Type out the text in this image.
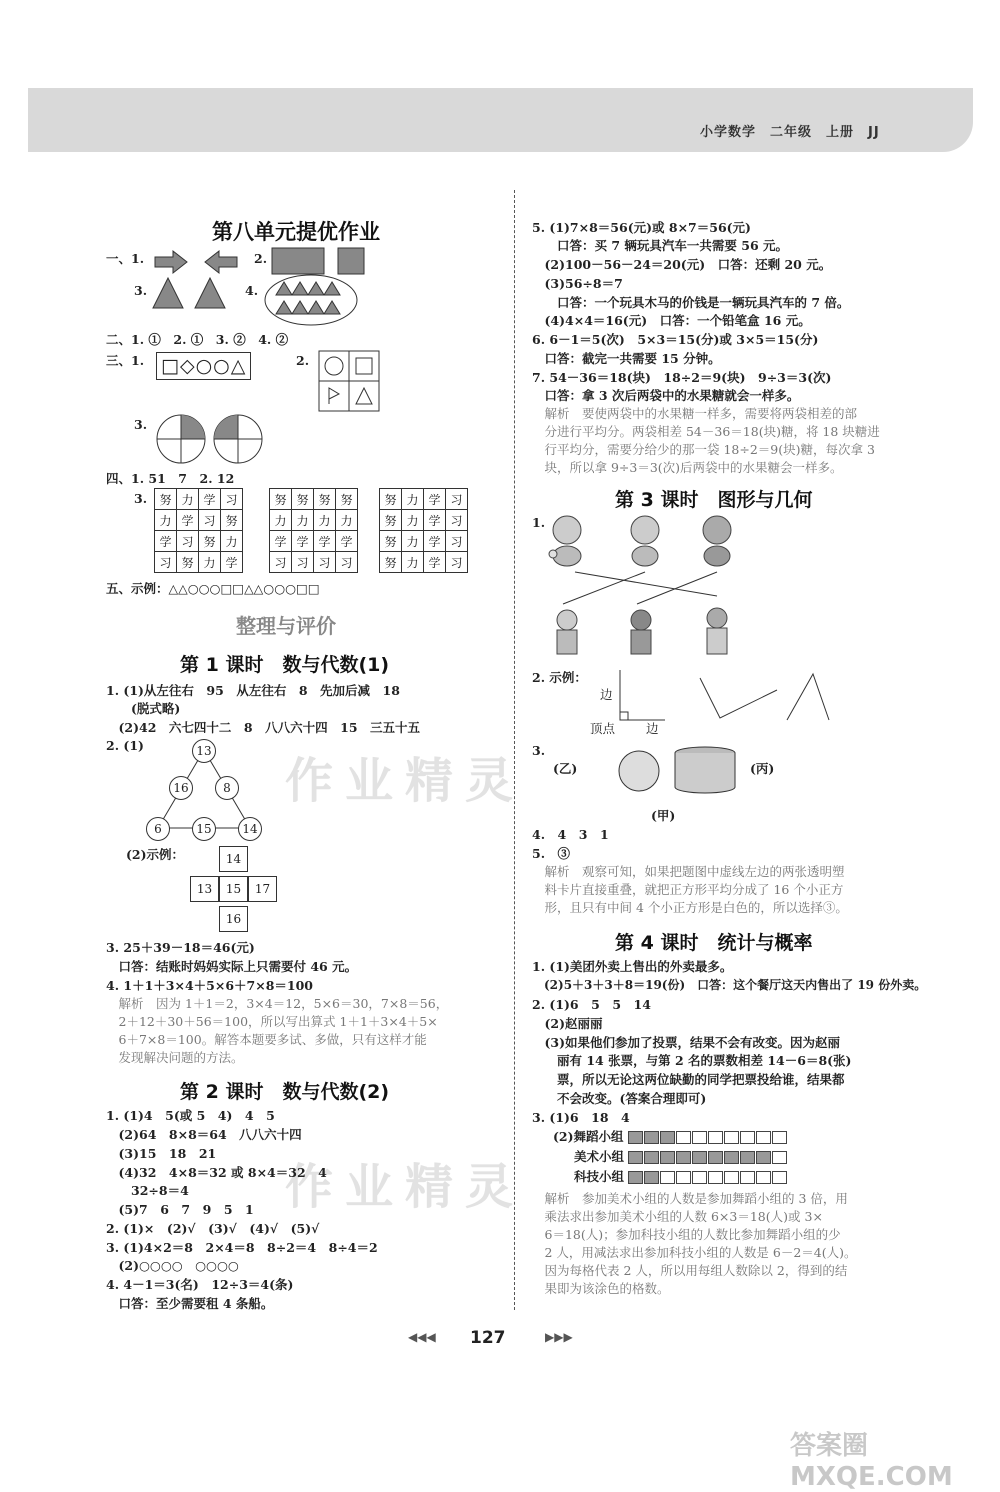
小学数学　二年级　上册　JJ
作业精灵
作业精灵
第八单元提优作业
一、1.	2.
3.	4.
二、1. ①　2. ①　3. ②　4. ②
三、1. □◇○○△	2.
3.
四、1. 51　7　2. 12
3. 努	力	学	习
力	学	习	努
学	习	努	力
习	努	力	学
努	努	努	努
力	力	力	力
学	学	学	学
习	习	习	习
努	力	学	习
努	力	学	习
努	力	学	习
努	力	学	习
五、示例：△△○○○□□△△○○○□□
整理与评价
第 1 课时　数与代数(1)
1. (1)从左往右　95　从左往右　8　先加后减　18
　　(脱式略)
　(2)42　六七四十二　8　八八六十四　15　三五十五
2. (1)	13
16	8
6	15	14
(2)示例：	14
13	15	17
16
3. 25＋39－18＝46(元)
　口答：结账时妈妈实际上只需要付 46 元。
4. 1＋1＋3×4＋5×6＋7×8＝100
　解析　因为 1＋1＝2，3×4＝12，5×6＝30，7×8＝56，
　2＋12＋30＋56＝100，所以写出算式 1＋1＋3×4＋5×
　6＋7×8＝100。解答本题要多试、多做，只有这样才能
　发现解决问题的方法。
第 2 课时　数与代数(2)
1. (1)4　5(或 5　4)　4　5
　(2)64　8×8＝64　八八六十四
　(3)15　18　21
　(4)32　4×8＝32 或 8×4＝32　4
　　32÷8＝4
　(5)7　6　7　9　5　1
2. (1)×　(2)√　(3)√　(4)√　(5)√
3. (1)4×2＝8　2×4＝8　8÷2＝4　8÷4＝2
　(2)○○○○　○○○○
4. 4－1＝3(名)　12÷3＝4(条)
　口答：至少需要租 4 条船。
5. (1)7×8＝56(元)或 8×7＝56(元)
　　口答：买 7 辆玩具汽车一共需要 56 元。
　(2)100－56－24＝20(元)　口答：还剩 20 元。
　(3)56÷8＝7
　　口答：一个玩具木马的价钱是一辆玩具汽车的 7 倍。
　(4)4×4＝16(元)　口答：一个铅笔盒 16 元。
6. 6－1＝5(次)　5×3＝15(分)或 3×5＝15(分)
　口答：截完一共需要 15 分钟。
7. 54－36＝18(块)　18÷2＝9(块)　9÷3＝3(次)
　口答：拿 3 次后两袋中的水果糖就会一样多。
　解析　要使两袋中的水果糖一样多，需要将两袋相差的部
　分进行平均分。两袋相差 54－36＝18(块)糖，将 18 块糖进
　行平均分，需要分给少的那一袋 18÷2＝9(块)糖，每次拿 3
　块，所以拿 9÷3＝3(次)后两袋中的水果糖会一样多。
第 3 课时　图形与几何
1.
2. 示例：
边
顶点 边
3.
(乙)	(丙)
(甲)
4.　4　3　1
5.　③
　解析　观察可知，如果把题图中虚线左边的两张透明塑
　料卡片直接重叠，就把正方形平均分成了 16 个小正方
　形，且只有中间 4 个小正方形是白色的，所以选择③。
第 4 课时　统计与概率
1. (1)美团外卖上售出的外卖最多。
　(2)5＋3＋3＋8＝19(份)　口答：这个餐厅这天内售出了 19 份外卖。
2. (1)6　5　5　14
　(2)赵丽丽
　(3)如果他们参加了投票，结果不会有改变。因为赵丽
　　丽有 14 张票，与第 2 名的票数相差 14－6＝8(张)
　　票，所以无论这两位缺勤的同学把票投给谁，结果都
　　不会改变。(答案合理即可)
3. (1)6　18　4
(2)舞蹈小组
美术小组
科技小组
　解析　参加美术小组的人数是参加舞蹈小组的 3 倍，用
　乘法求出参加美术小组的人数 6×3＝18(人)或 3×
　6＝18(人)；参加科技小组的人数比参加舞蹈小组的少
　2 人，用减法求出参加科技小组的人数是 6－2＝4(人)。
　因为每格代表 2 人，所以用每组人数除以 2，得到的结
　果即为该涂色的格数。
◀◀◀ 127	▶▶▶
答案圈　MXQE.COM
